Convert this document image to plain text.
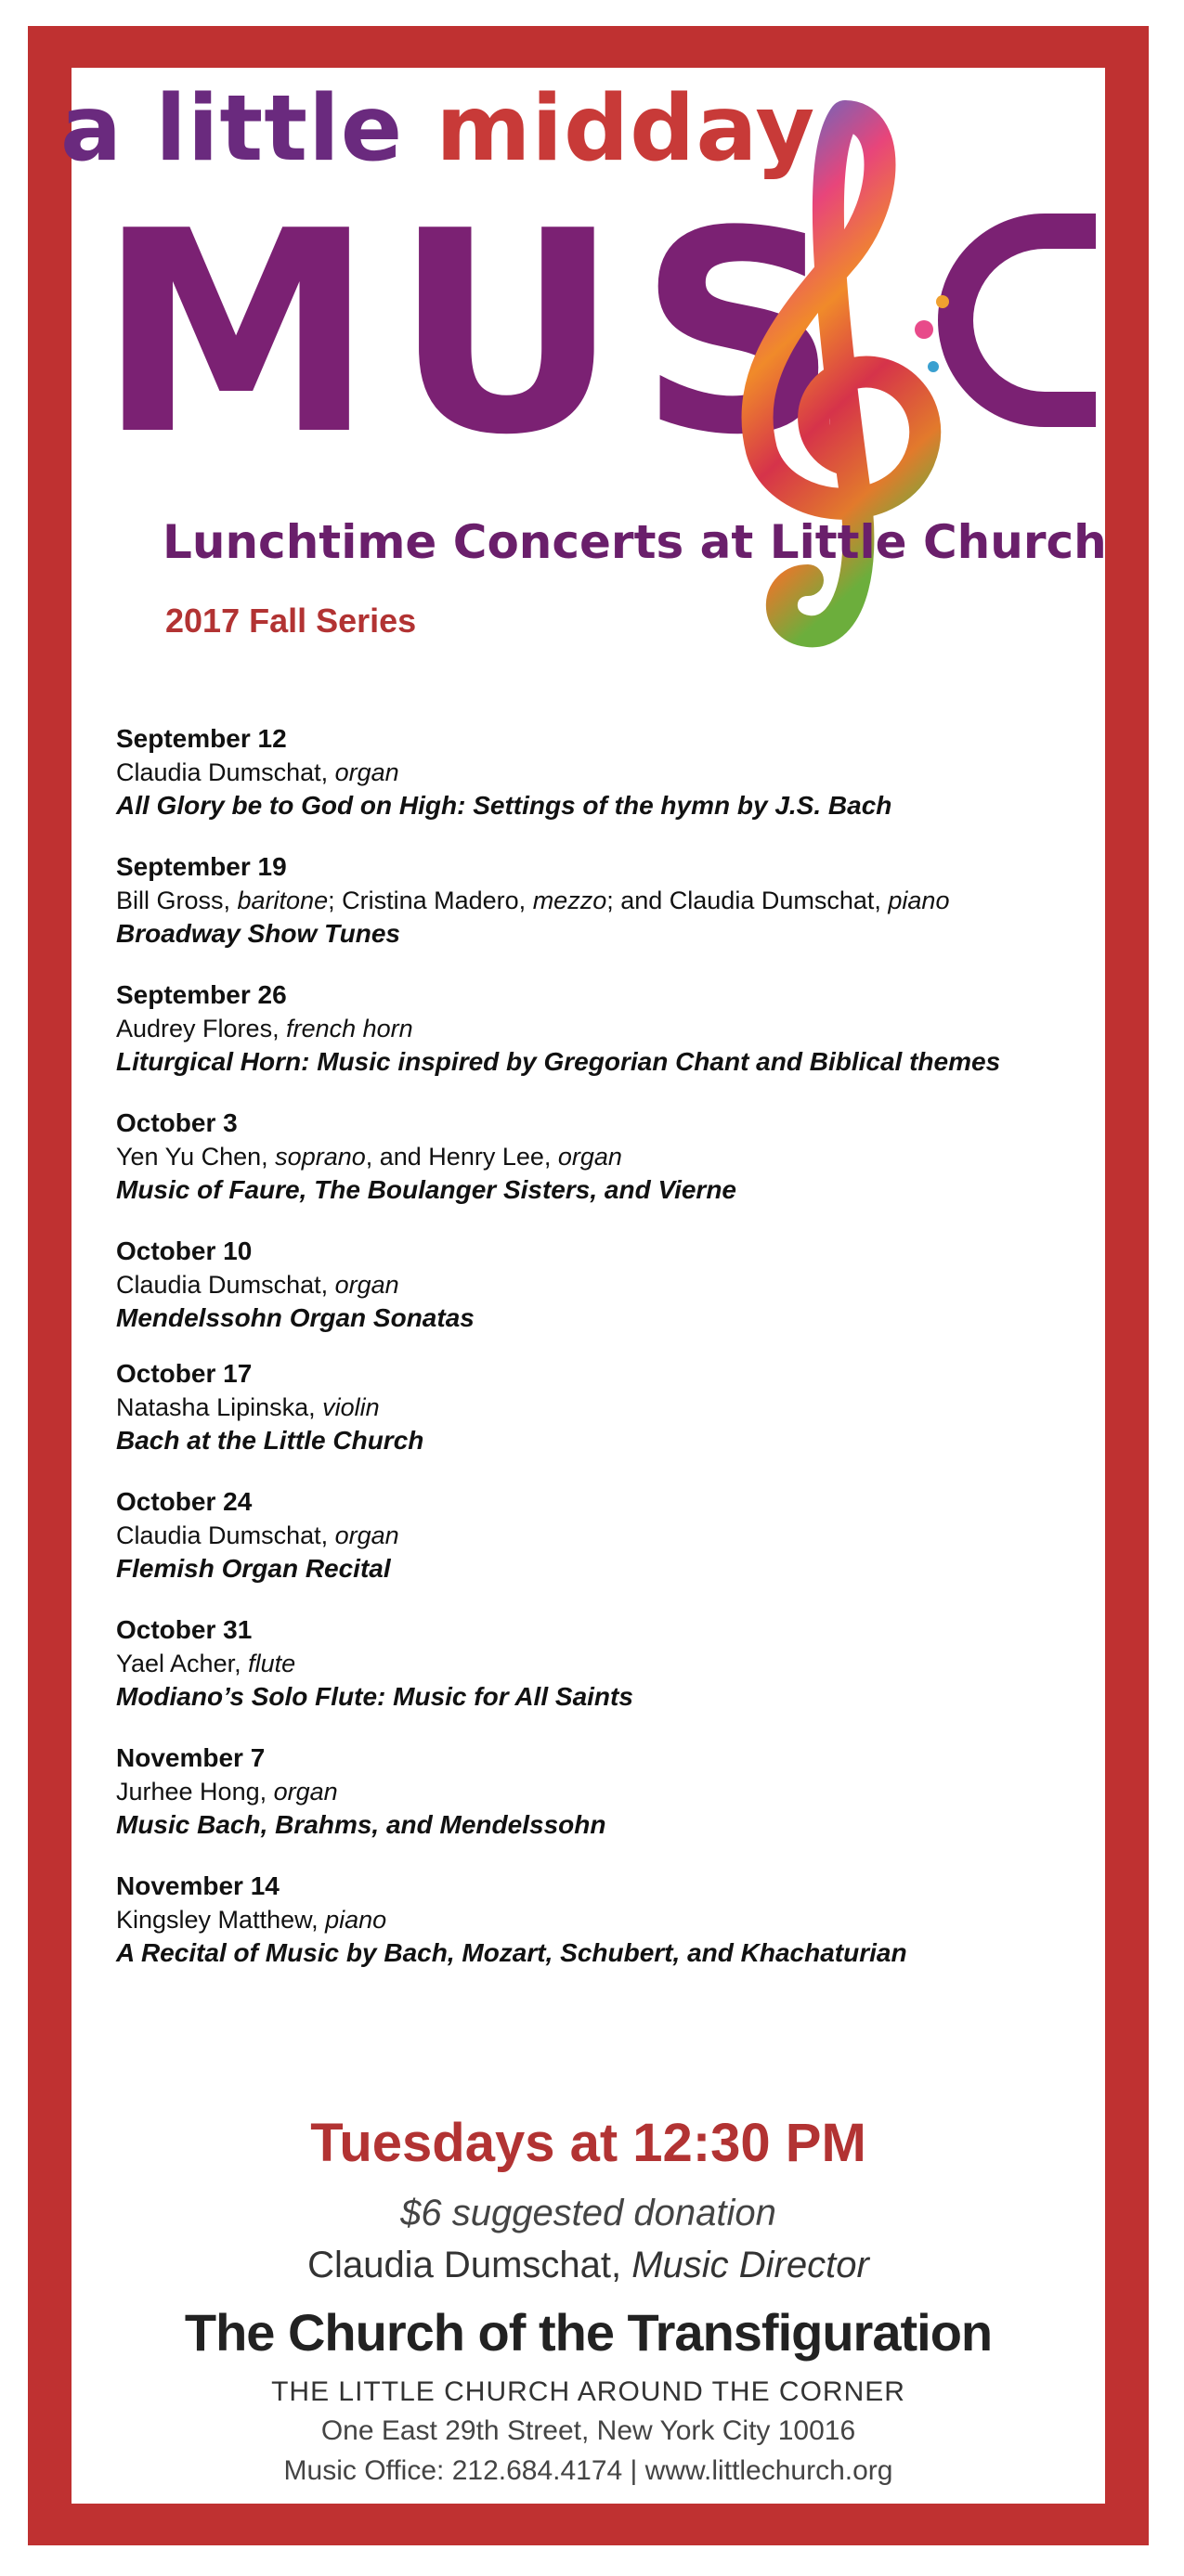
a little midday
MUS
Lunchtime Concerts at Little Church
2017 Fall Series
September 12
Claudia Dumschat, organ
All Glory be to God on High: Settings of the hymn by J.S. Bach
September 19
Bill Gross, baritone; Cristina Madero, mezzo; and Claudia Dumschat, piano
Broadway Show Tunes
September 26
Audrey Flores, french horn
Liturgical Horn: Music inspired by Gregorian Chant and Biblical themes
October 3
Yen Yu Chen, soprano, and Henry Lee, organ
Music of Faure, The Boulanger Sisters, and Vierne
October 10
Claudia Dumschat, organ
Mendelssohn Organ Sonatas
October 17
Natasha Lipinska, violin
Bach at the Little Church
October 24
Claudia Dumschat, organ
Flemish Organ Recital
October 31
Yael Acher, flute
Modiano’s Solo Flute: Music for All Saints
November 7
Jurhee Hong, organ
Music Bach, Brahms, and Mendelssohn
November 14
Kingsley Matthew, piano
A Recital of Music by Bach, Mozart, Schubert, and Khachaturian
Tuesdays at 12:30 PM
$6 suggested donation
Claudia Dumschat, Music Director
The Church of the Transfiguration
THE LITTLE CHURCH AROUND THE CORNER
One East 29th Street, New York City 10016
Music Office: 212.684.4174 | www.littlechurch.org
